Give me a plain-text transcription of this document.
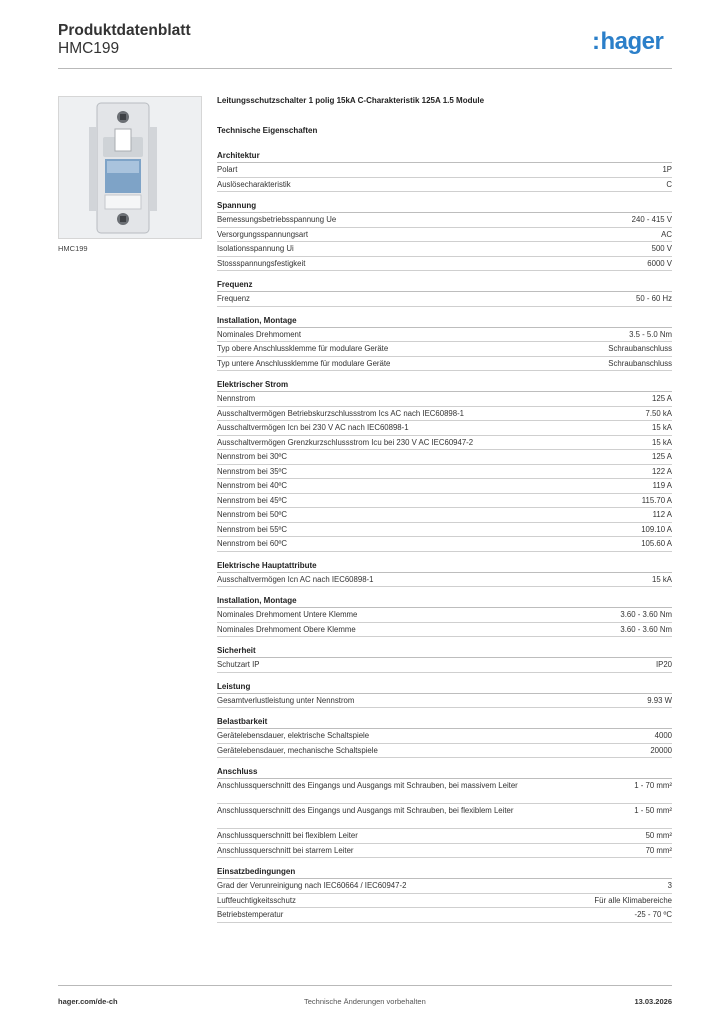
Produktdatenblatt
HMC199	:hager
HMC199
Leitungsschutzschalter 1 polig 15kA C-Charakteristik 125A 1.5 Module
Technische Eigenschaften
Architektur
Polart	1P
Auslösecharakteristik	C
Spannung
Bemessungsbetriebsspannung Ue	240 - 415 V
Versorgungsspannungsart	AC
Isolationsspannung Ui	500 V
Stossspannungsfestigkeit	6000 V
Frequenz
Frequenz	50 - 60 Hz
Installation, Montage
Nominales Drehmoment	3.5 - 5.0 Nm
Typ obere Anschlussklemme für modulare Geräte	Schraubanschluss
Typ untere Anschlussklemme für modulare Geräte	Schraubanschluss
Elektrischer Strom
Nennstrom	125 A
Ausschaltvermögen Betriebskurzschlussstrom Ics AC nach IEC60898-1	7.50 kA
Ausschaltvermögen Icn bei 230 V AC nach IEC60898-1	15 kA
Ausschaltvermögen Grenzkurzschlussstrom Icu bei 230 V AC IEC60947-2	15 kA
Nennstrom bei 30ºC	125 A
Nennstrom bei 35ºC	122 A
Nennstrom bei 40ºC	119 A
Nennstrom bei 45ºC	115.70 A
Nennstrom bei 50ºC	112 A
Nennstrom bei 55ºC	109.10 A
Nennstrom bei 60ºC	105.60 A
Elektrische Hauptattribute
Ausschaltvermögen Icn AC nach IEC60898-1	15 kA
Installation, Montage
Nominales Drehmoment Untere Klemme	3.60 - 3.60 Nm
Nominales Drehmoment Obere Klemme	3.60 - 3.60 Nm
Sicherheit
Schutzart IP	IP20
Leistung
Gesamtverlustleistung unter Nennstrom	9.93 W
Belastbarkeit
Gerätelebensdauer, elektrische Schaltspiele	4000
Gerätelebensdauer, mechanische Schaltspiele	20000
Anschluss
Anschlussquerschnitt des Eingangs und Ausgangs mit Schrauben, bei massivem Leiter	1 - 70 mm²
Anschlussquerschnitt des Eingangs und Ausgangs mit Schrauben, bei flexiblem Leiter	1 - 50 mm²
Anschlussquerschnitt bei flexiblem Leiter	50 mm²
Anschlussquerschnitt bei starrem Leiter	70 mm²
Einsatzbedingungen
Grad der Verunreinigung nach IEC60664 / IEC60947-2	3
Luftfeuchtigkeitsschutz	Für alle Klimabereiche
Betriebstemperatur	-25 - 70 ºC
hager.com/de-ch	Technische Änderungen vorbehalten	13.03.2026
